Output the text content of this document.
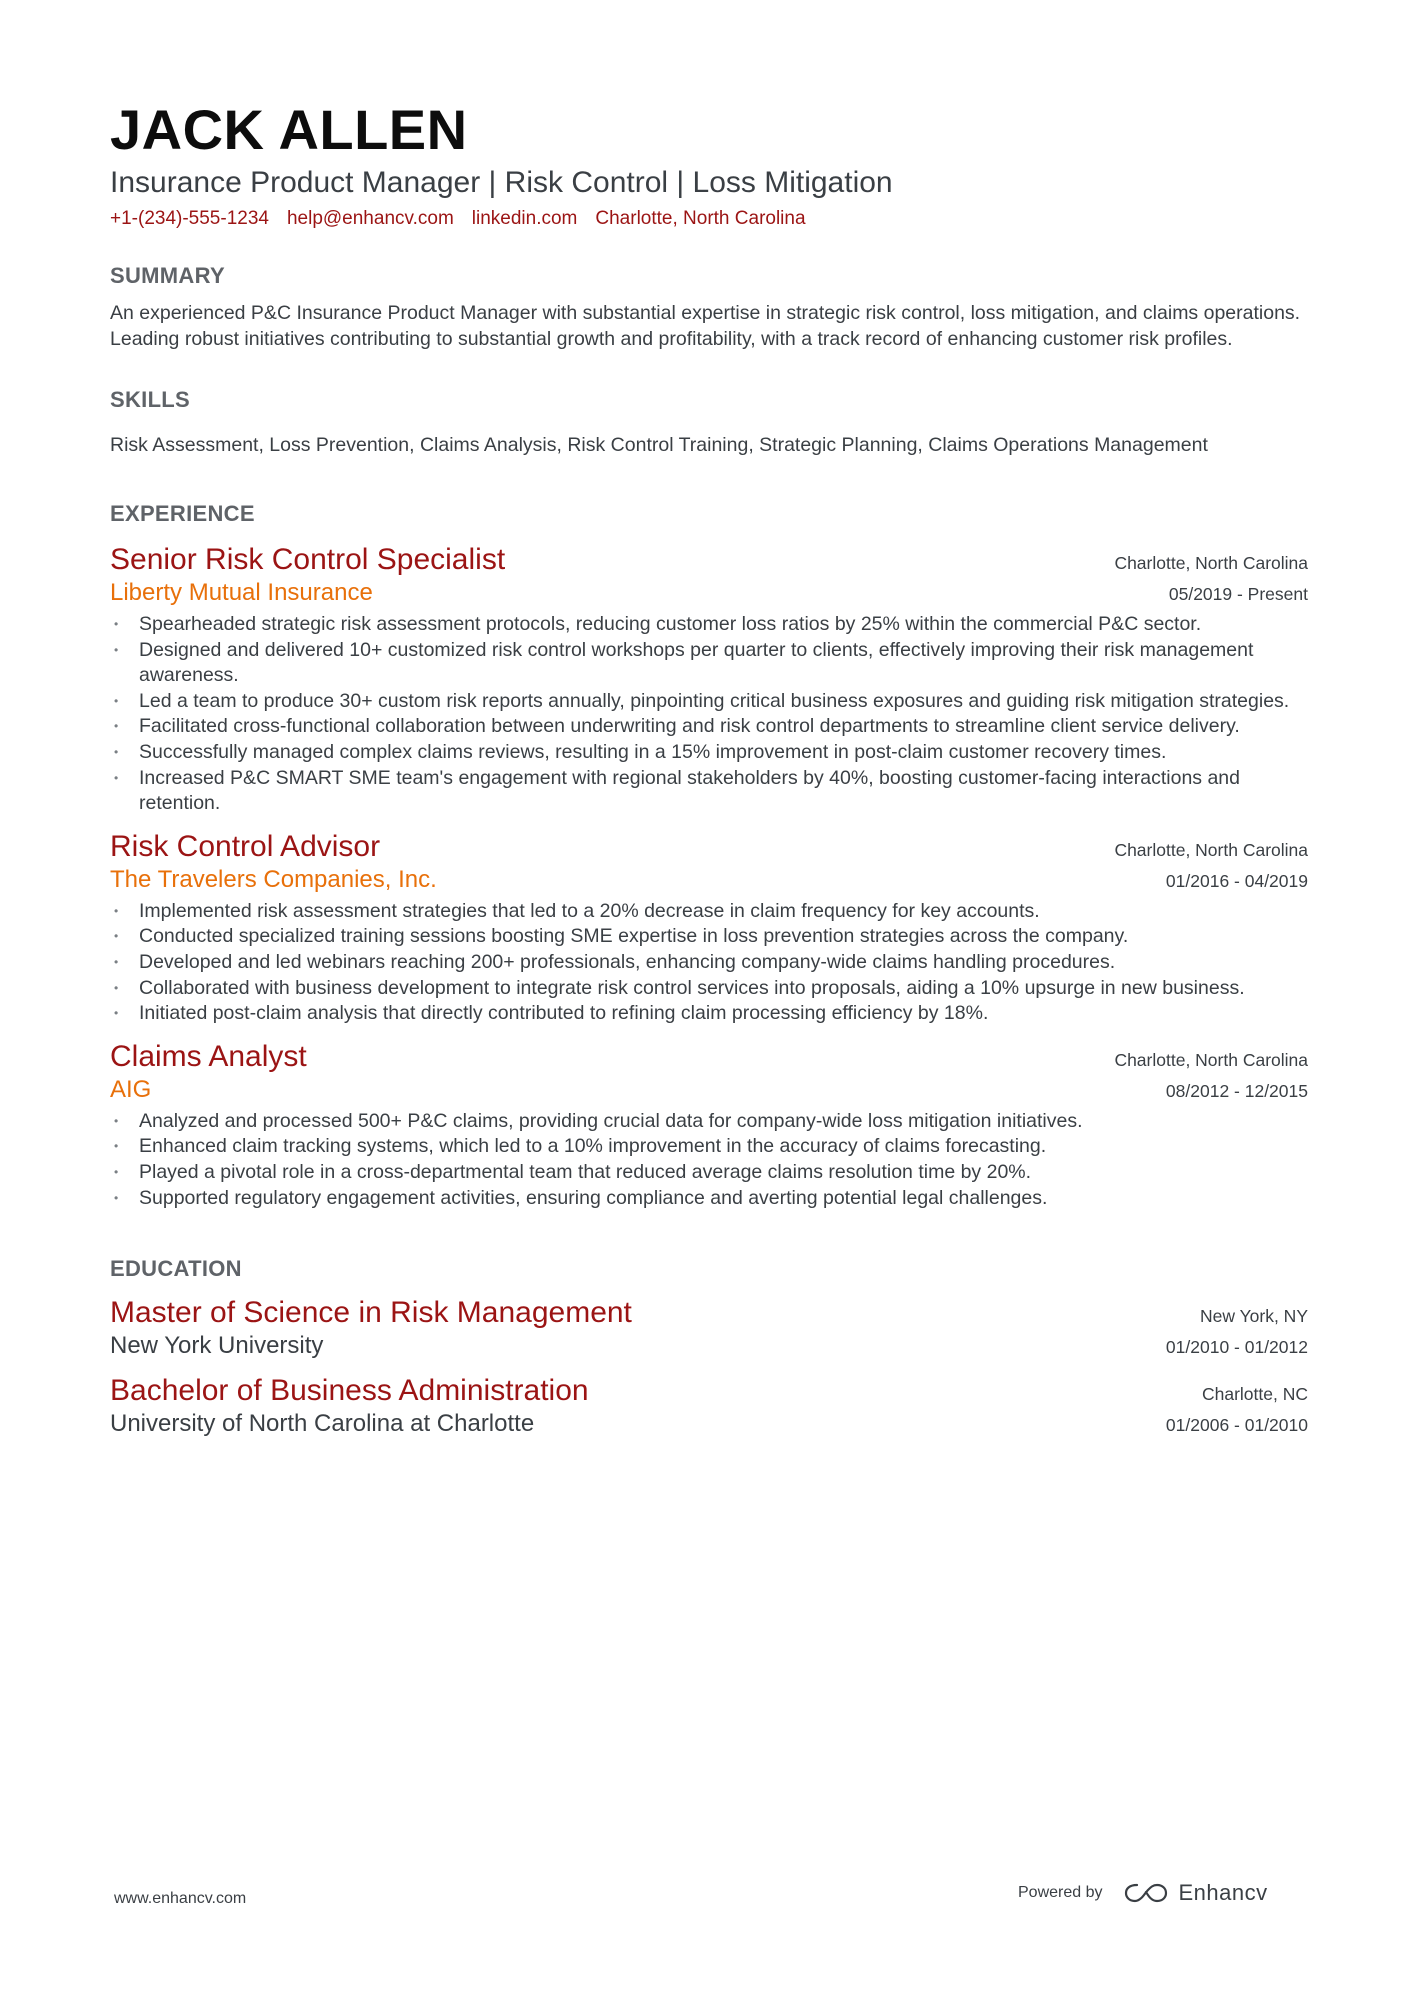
JACK ALLEN
Insurance Product Manager | Risk Control | Loss Mitigation
+1-(234)-555-1234 help@enhancv.com linkedin.com Charlotte, North Carolina
SUMMARY
An experienced P&C Insurance Product Manager with substantial expertise in strategic risk control, loss mitigation, and claims operations. Leading robust initiatives contributing to substantial growth and profitability, with a track record of enhancing customer risk profiles.
SKILLS
Risk Assessment, Loss Prevention, Claims Analysis, Risk Control Training, Strategic Planning, Claims Operations Management
EXPERIENCE
Senior Risk Control Specialist	Charlotte, North Carolina
Liberty Mutual Insurance	05/2019 - Present
• Spearheaded strategic risk assessment protocols, reducing customer loss ratios by 25% within the commercial P&C sector.
• Designed and delivered 10+ customized risk control workshops per quarter to clients, effectively improving their risk management awareness.
• Led a team to produce 30+ custom risk reports annually, pinpointing critical business exposures and guiding risk mitigation strategies.
• Facilitated cross-functional collaboration between underwriting and risk control departments to streamline client service delivery.
• Successfully managed complex claims reviews, resulting in a 15% improvement in post-claim customer recovery times.
• Increased P&C SMART SME team's engagement with regional stakeholders by 40%, boosting customer-facing interactions and retention.
Risk Control Advisor	Charlotte, North Carolina
The Travelers Companies, Inc.	01/2016 - 04/2019
• Implemented risk assessment strategies that led to a 20% decrease in claim frequency for key accounts.
• Conducted specialized training sessions boosting SME expertise in loss prevention strategies across the company.
• Developed and led webinars reaching 200+ professionals, enhancing company-wide claims handling procedures.
• Collaborated with business development to integrate risk control services into proposals, aiding a 10% upsurge in new business.
• Initiated post-claim analysis that directly contributed to refining claim processing efficiency by 18%.
Claims Analyst	Charlotte, North Carolina
AIG	08/2012 - 12/2015
• Analyzed and processed 500+ P&C claims, providing crucial data for company-wide loss mitigation initiatives.
• Enhanced claim tracking systems, which led to a 10% improvement in the accuracy of claims forecasting.
• Played a pivotal role in a cross-departmental team that reduced average claims resolution time by 20%.
• Supported regulatory engagement activities, ensuring compliance and averting potential legal challenges.
EDUCATION
Master of Science in Risk Management	New York, NY
New York University	01/2010 - 01/2012
Bachelor of Business Administration	Charlotte, NC
University of North Carolina at Charlotte	01/2006 - 01/2010
www.enhancv.com	Powered by	Enhancv
